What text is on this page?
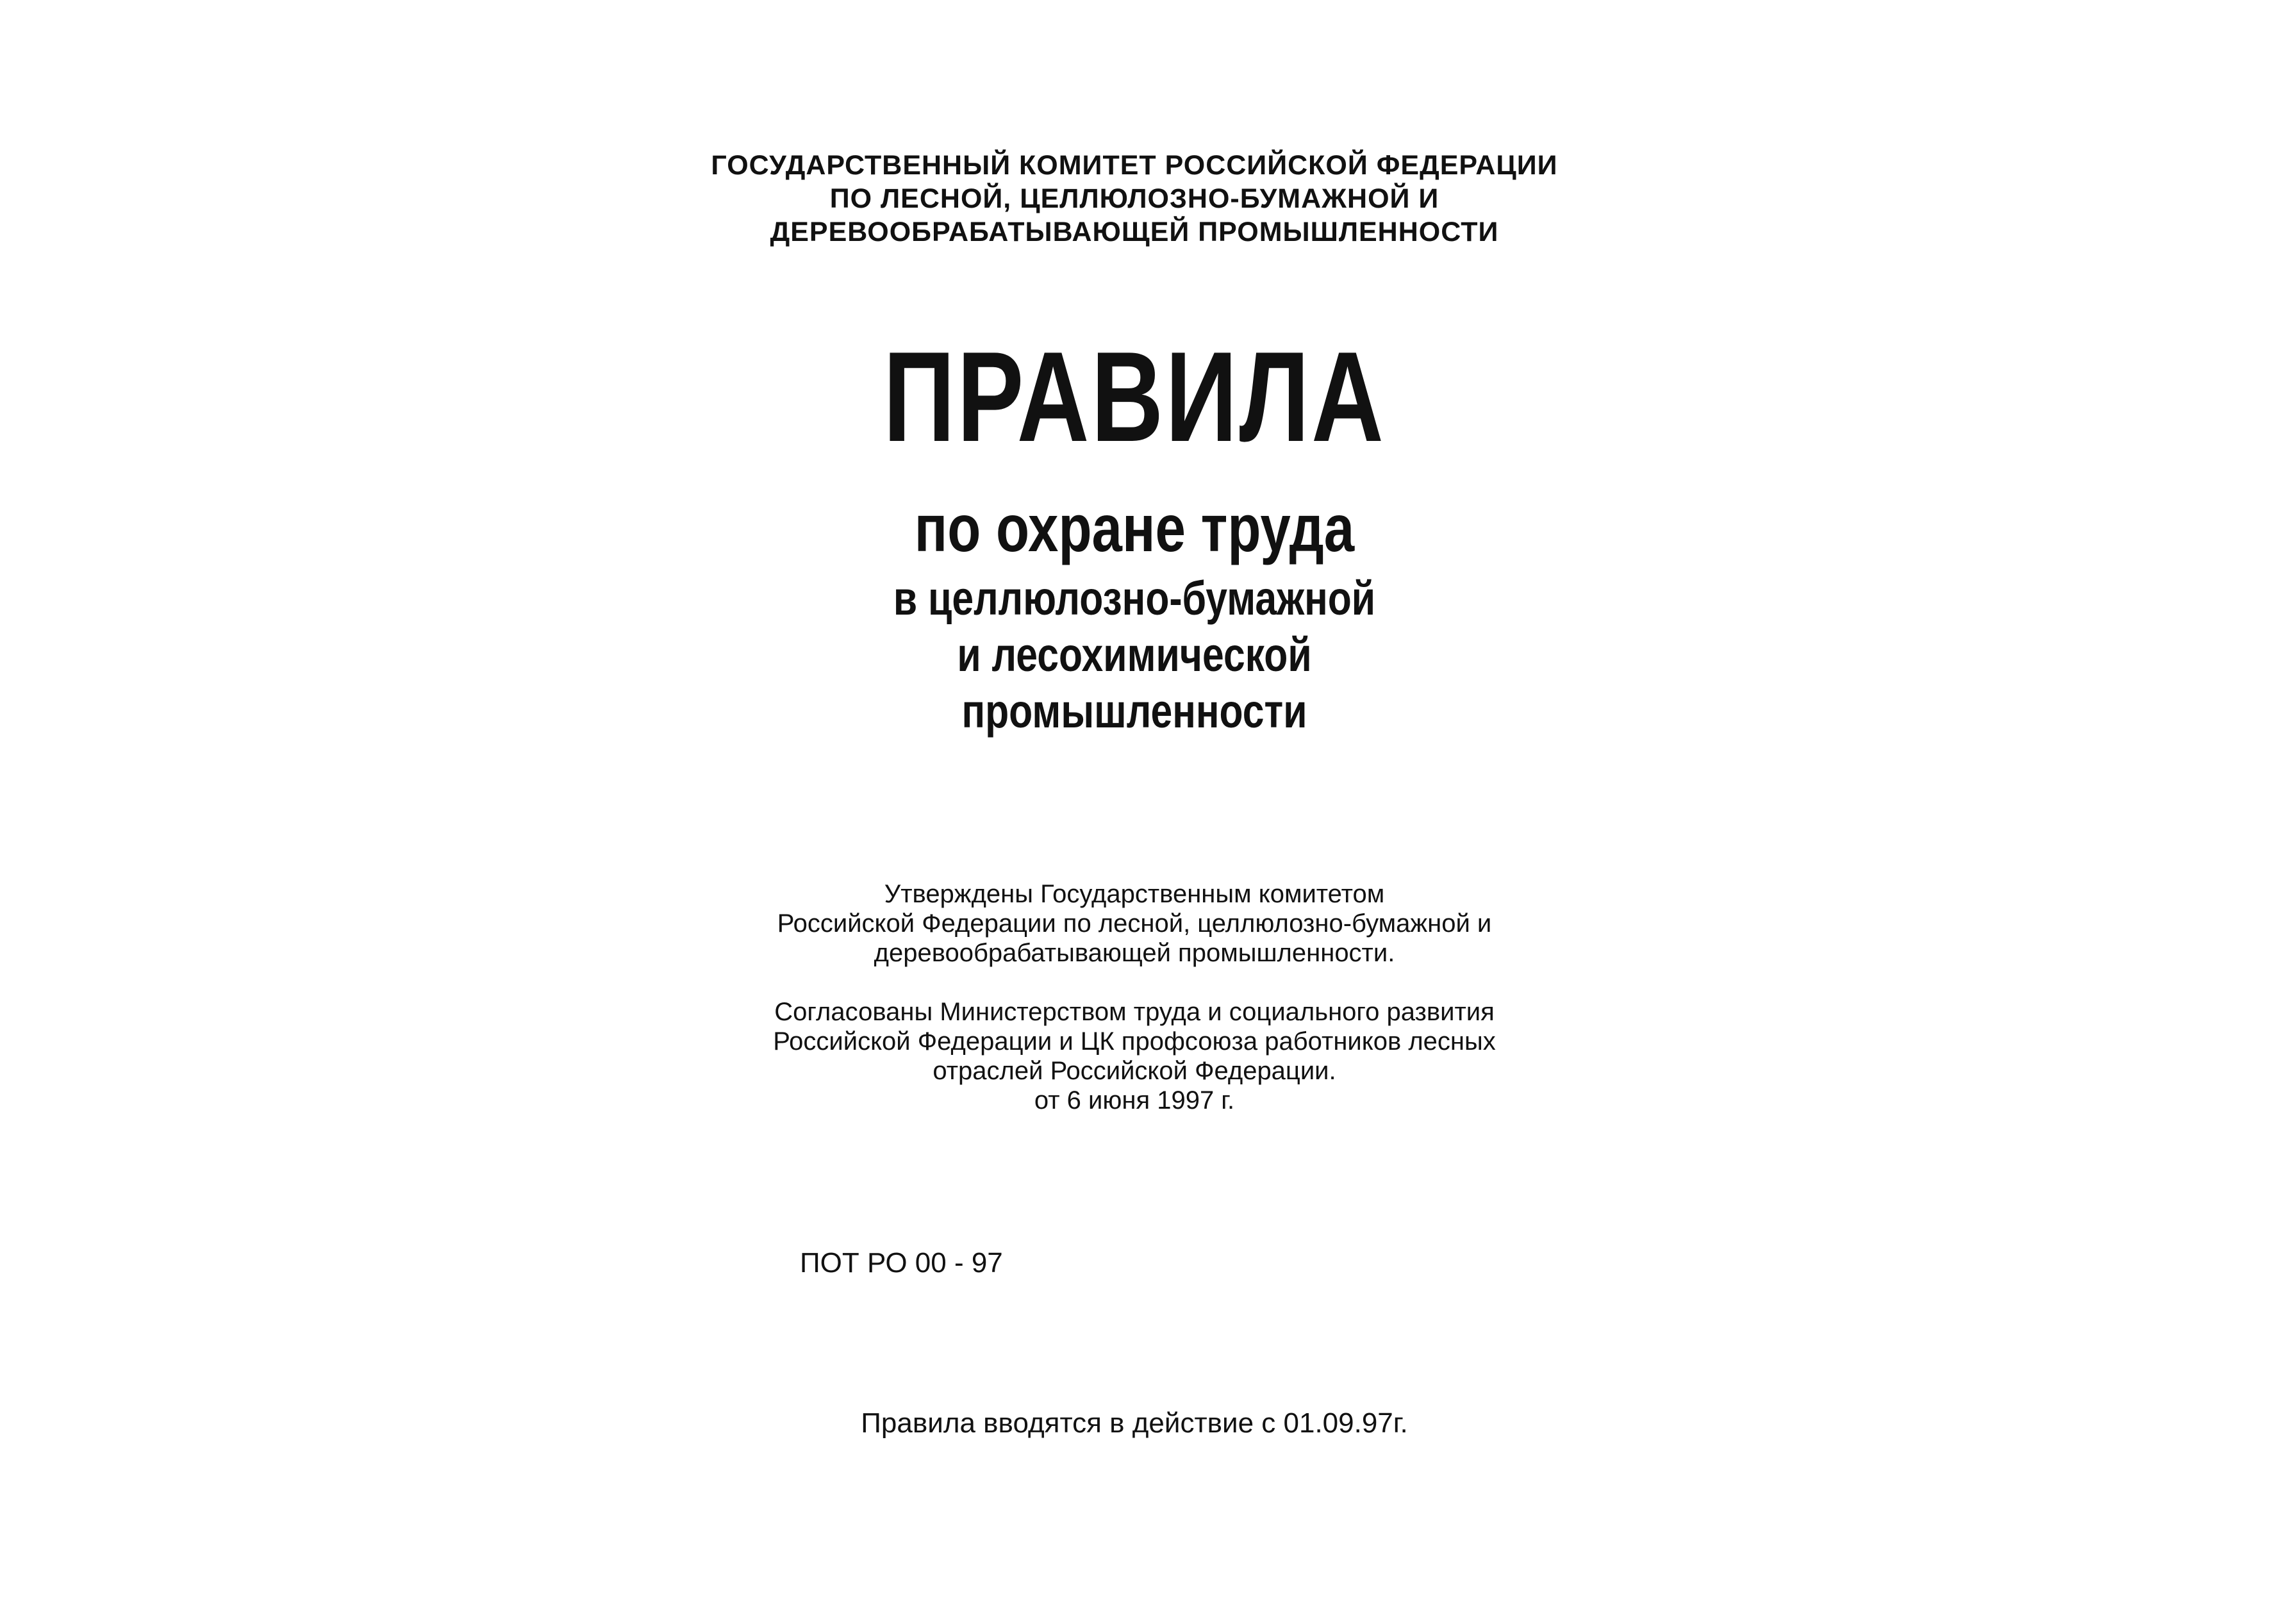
ГОСУДАРСТВЕННЫЙ КОМИТЕТ РОССИЙСКОЙ ФЕДЕРАЦИИ
ПО ЛЕСНОЙ, ЦЕЛЛЮЛОЗНО-БУМАЖНОЙ И
ДЕРЕВООБРАБАТЫВАЮЩЕЙ ПРОМЫШЛЕННОСТИ
ПРАВИЛА
по охране труда
в целлюлозно-бумажной
и лесохимической
промышленности
Утверждены Государственным комитетом
Российской Федерации по лесной, целлюлозно-бумажной и
деревообрабатывающей промышленности.
Согласованы Министерством труда и социального развития
Российской Федерации и ЦК профсоюза работников лесных
отраслей Российской Федерации.
от 6 июня 1997 г.
ПОТ РО 00 - 97
Правила вводятся в действие с 01.09.97г.
